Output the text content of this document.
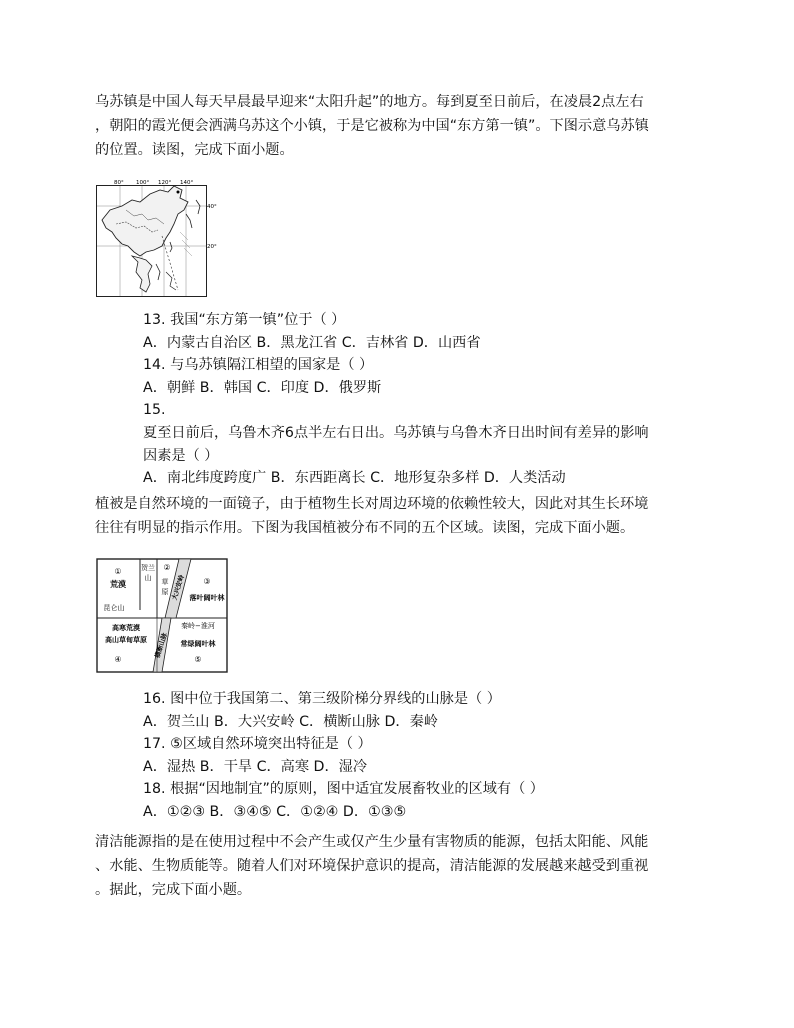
乌苏镇是中国人每天早晨最早迎来“太阳升起”的地方。每到夏至日前后，在凌晨2点左右
，朝阳的霞光便会洒满乌苏这个小镇，于是它被称为中国“东方第一镇”。下图示意乌苏镇
的位置。读图，完成下面小题。
80° 100° 120° 140°
40°
20°
13. 我国“东方第一镇”位于（ ）
A．内蒙古自治区 B．黑龙江省 C．吉林省 D．山西省
14. 与乌苏镇隔江相望的国家是（ ）
A．朝鲜 B．韩国 C．印度 D．俄罗斯
15.
夏至日前后，乌鲁木齐6点半左右日出。乌苏镇与乌鲁木齐日出时间有差异的影响
因素是（ ）
A．南北纬度跨度广 B．东西距离长 C．地形复杂多样 D．人类活动
植被是自然环境的一面镜子，由于植物生长对周边环境的依赖性较大，因此对其生长环境
往往有明显的指示作用。下图为我国植被分布不同的五个区域。读图，完成下面小题。
①
荒漠
贺兰
山
②
草
原 大兴安岭 ③
落叶阔叶林
昆仑山
高寒荒漠
高山草甸草原
④
秦岭−淮河
常绿阔叶林
⑤
横断山脉
16. 图中位于我国第二、第三级阶梯分界线的山脉是（ ）
A．贺兰山 B．大兴安岭 C．横断山脉 D．秦岭
17. ⑤区域自然环境突出特征是（ ）
A．湿热 B．干旱 C．高寒 D．湿冷
18. 根据“因地制宜”的原则，图中适宜发展畜牧业的区域有（ ）
A．①②③ B．③④⑤ C．①②④ D．①③⑤
清洁能源指的是在使用过程中不会产生或仅产生少量有害物质的能源，包括太阳能、风能
、水能、生物质能等。随着人们对环境保护意识的提高，清洁能源的发展越来越受到重视
。据此，完成下面小题。
